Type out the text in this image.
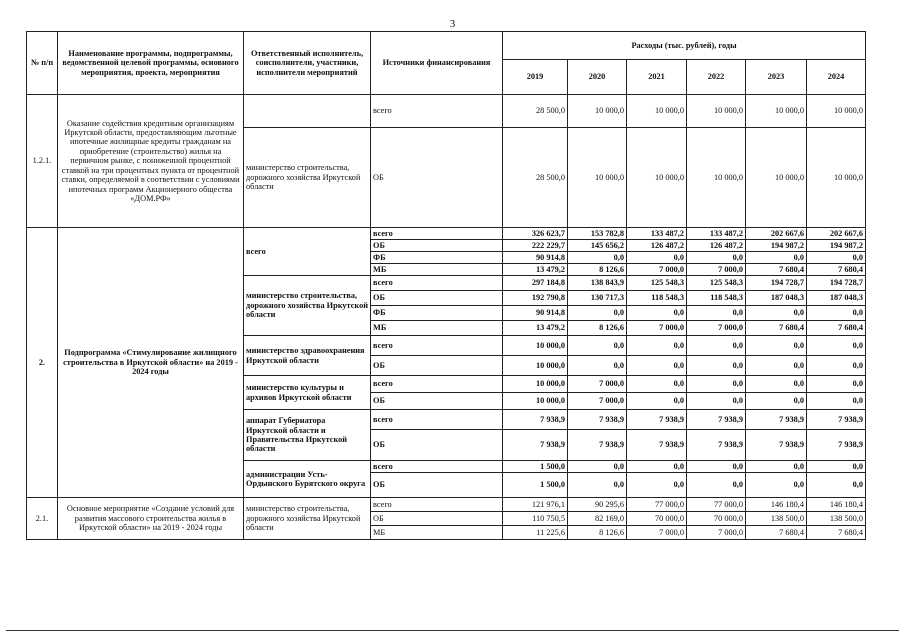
3
№ п/п	Наименование программы, подпрограммы, ведомственной целевой программы, основного мероприятия, проекта, мероприятия	Ответственный исполнитель, соисполнители, участники, исполнители мероприятий	Источники финансирования	Расходы (тыс. рублей), годы					
				2019	2020	2021	2022	2023	2024
1.2.1.	Оказание содействия кредитным организациям Иркутской области, предоставляющим льготные ипотечные жилищные кредиты гражданам на приобретение (строительство) жилья на первичном рынке, с пониженной процентной ставкой на три процентных пункта от процентной ставки, определяемой в соответствии с условиями ипотечных программ Акционерного общества «ДОМ.РФ»		всего	28 500,0	10 000,0	10 000,0	10 000,0	10 000,0	10 000,0
		министерство строительства, дорожного хозяйства Иркутской области	ОБ	28 500,0	10 000,0	10 000,0	10 000,0	10 000,0	10 000,0
2.	Подпрограмма «Стимулирование жилищного строительства в Иркутской области» на 2019 - 2024 годы	всего	всего	326 623,7	153 782,8	133 487,2	133 487,2	202 667,6	202 667,6
			ОБ	222 229,7	145 656,2	126 487,2	126 487,2	194 987,2	194 987,2
			ФБ	90 914,8	0,0	0,0	0,0	0,0	0,0
			МБ	13 479,2	8 126,6	7 000,0	7 000,0	7 680,4	7 680,4
		министерство строительства, дорожного хозяйства Иркутской области	всего	297 184,8	138 843,9	125 548,3	125 548,3	194 728,7	194 728,7
			ОБ	192 790,8	130 717,3	118 548,3	118 548,3	187 048,3	187 048,3
			ФБ	90 914,8	0,0	0,0	0,0	0,0	0,0
			МБ	13 479,2	8 126,6	7 000,0	7 000,0	7 680,4	7 680,4
		министерство здравоохранения Иркутской области	всего	10 000,0	0,0	0,0	0,0	0,0	0,0
			ОБ	10 000,0	0,0	0,0	0,0	0,0	0,0
		министерство культуры и архивов Иркутской области	всего	10 000,0	7 000,0	0,0	0,0	0,0	0,0
			ОБ	10 000,0	7 000,0	0,0	0,0	0,0	0,0
		аппарат Губернатора Иркутской области и Правительства Иркутской области	всего	7 938,9	7 938,9	7 938,9	7 938,9	7 938,9	7 938,9
			ОБ	7 938,9	7 938,9	7 938,9	7 938,9	7 938,9	7 938,9
		администрации Усть-Ордынского Бурятского округа	всего	1 500,0	0,0	0,0	0,0	0,0	0,0
			ОБ	1 500,0	0,0	0,0	0,0	0,0	0,0
2.1.	Основное мероприятие «Создание условий для развития массового строительства жилья в Иркутской области» на 2019 - 2024 годы	министерство строительства, дорожного хозяйства Иркутской области	всего	121 976,1	90 295,6	77 000,0	77 000,0	146 180,4	146 180,4
			ОБ	110 750,5	82 169,0	70 000,0	70 000,0	138 500,0	138 500,0
			МБ	11 225,6	8 126,6	7 000,0	7 000,0	7 680,4	7 680,4
